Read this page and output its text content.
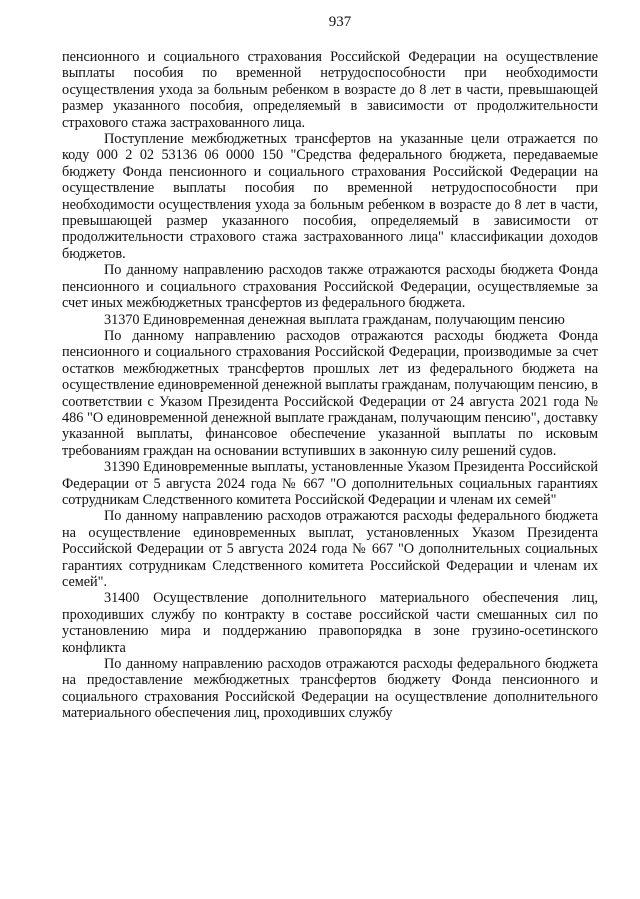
937

пенсионного и социального страхования Российской Федерации на осуществление выплаты пособия по временной нетрудоспособности при необходимости осуществления ухода за больным ребенком в возрасте до 8 лет в части, превышающей размер указанного пособия, определяемый в зависимости от продолжительности страхового стажа застрахованного лица.

Поступление межбюджетных трансфертов на указанные цели отражается по коду 000 2 02 53136 06 0000 150 "Средства федерального бюджета, передаваемые бюджету Фонда пенсионного и социального страхования Российской Федерации на осуществление выплаты пособия по временной нетрудоспособности при необходимости осуществления ухода за больным ребенком в возрасте до 8 лет в части, превышающей размер указанного пособия, определяемый в зависимости от продолжительности страхового стажа застрахованного лица" классификации доходов бюджетов.

По данному направлению расходов также отражаются расходы бюджета Фонда пенсионного и социального страхования Российской Федерации, осуществляемые за счет иных межбюджетных трансфертов из федерального бюджета.

31370 Единовременная денежная выплата гражданам, получающим пенсию

По данному направлению расходов отражаются расходы бюджета Фонда пенсионного и социального страхования Российской Федерации, производимые за счет остатков межбюджетных трансфертов прошлых лет из федерального бюджета на осуществление единовременной денежной выплаты гражданам, получающим пенсию, в соответствии с Указом Президента Российской Федерации от 24 августа 2021 года № 486 "О единовременной денежной выплате гражданам, получающим пенсию", доставку указанной выплаты, финансовое обеспечение указанной выплаты по исковым требованиям граждан на основании вступивших в законную силу решений судов.

31390 Единовременные выплаты, установленные Указом Президента Российской Федерации от 5 августа 2024 года № 667 "О дополнительных социальных гарантиях сотрудникам Следственного комитета Российской Федерации и членам их семей"

По данному направлению расходов отражаются расходы федерального бюджета на осуществление единовременных выплат, установленных Указом Президента Российской Федерации от 5 августа 2024 года № 667 "О дополнительных социальных гарантиях сотрудникам Следственного комитета Российской Федерации и членам их семей".

31400 Осуществление дополнительного материального обеспечения лиц, проходивших службу по контракту в составе российской части смешанных сил по установлению мира и поддержанию правопорядка в зоне грузино-осетинского конфликта

По данному направлению расходов отражаются расходы федерального бюджета на предоставление межбюджетных трансфертов бюджету Фонда пенсионного и социального страхования Российской Федерации на осуществление дополнительного материального обеспечения лиц, проходивших службу
